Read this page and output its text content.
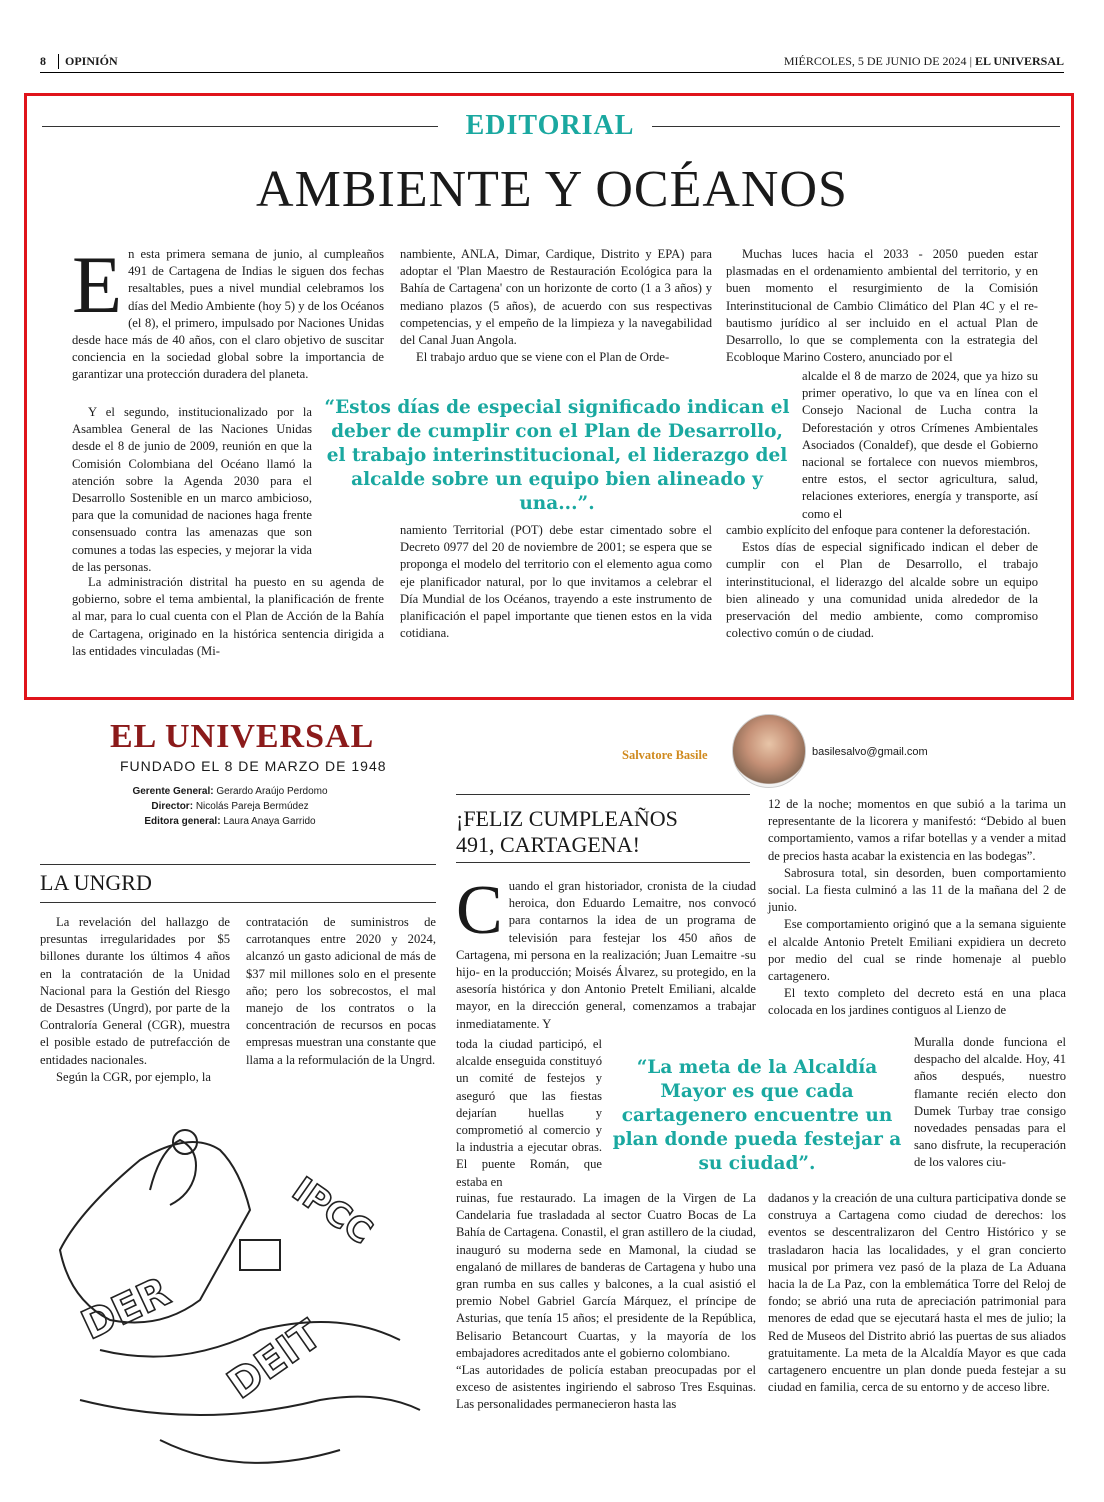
8	OPINIÓN	MIÉRCOLES, 5 DE JUNIO DE 2024 | EL UNIVERSAL
EDITORIAL
AMBIENTE Y OCÉANOS
E n esta primera semana de junio, al cumpleaños 491 de Cartagena de Indias le siguen dos fechas resaltables, pues a nivel mundial celebramos los días del Medio Ambiente (hoy 5) y de los Océanos (el 8), el primero, impulsado por Naciones Unidas desde hace más de 40 años, con el claro objetivo de suscitar conciencia en la sociedad global sobre la importancia de garantizar una protección duradera del planeta.

Y el segundo, institucionalizado por la Asamblea General de las Naciones Unidas desde el 8 de junio de 2009, reunión en que la Comisión Colombiana del Océano llamó la atención sobre la Agenda 2030 para el Desarrollo Sostenible en un marco ambicioso, para que la comunidad de naciones haga frente consensuado contra las amenazas que son comunes a todas las especies, y mejorar la vida de las personas.

La administración distrital ha puesto en su agenda de gobierno, sobre el tema ambiental, la planificación de frente al mar, para lo cual cuenta con el Plan de Acción de la Bahía de Cartagena, originado en la histórica sentencia dirigida a las entidades vinculadas (Mi-

nambiente, ANLA, Dimar, Cardique, Distrito y EPA) para adoptar el 'Plan Maestro de Restauración Ecológica para la Bahía de Cartagena' con un horizonte de corto (1 a 3 años) y mediano plazos (5 años), de acuerdo con sus respectivas competencias, y el empeño de la limpieza y la navegabilidad del Canal Juan Angola.

El trabajo arduo que se viene con el Plan de Orde-

namiento Territorial (POT) debe estar cimentado sobre el Decreto 0977 del 20 de noviembre de 2001; se espera que se proponga el modelo del territorio con el elemento agua como eje planificador natural, por lo que invitamos a celebrar el Día Mundial de los Océanos, trayendo a este instrumento de planificación el papel importante que tienen estos en la vida cotidiana.

Muchas luces hacia el 2033 - 2050 pueden estar plasmadas en el ordenamiento ambiental del territorio, y en buen momento el resurgimiento de la Comisión Interinstitucional de Cambio Climático del Plan 4C y el re-bautismo jurídico al ser incluido en el actual Plan de Desarrollo, lo que se complementa con la estrategia del Ecobloque Marino Costero, anunciado por el

alcalde el 8 de marzo de 2024, que ya hizo su primer operativo, lo que va en línea con el Consejo Nacional de Lucha contra la Deforestación y otros Crímenes Ambientales Asociados (Conaldef), que desde el Gobierno nacional se fortalece con nuevos miembros, entre estos, el sector agricultura, salud, relaciones exteriores, energía y transporte, así como el

cambio explícito del enfoque para contener la deforestación.

Estos días de especial significado indican el deber de cumplir con el Plan de Desarrollo, el trabajo interinstitucional, el liderazgo del alcalde sobre un equipo bien alineado y una comunidad unida alrededor de la preservación del medio ambiente, como compromiso colectivo común o de ciudad.

“Estos días de especial significado indican el deber de cumplir con el Plan de Desarrollo, el trabajo interinstitucional, el liderazgo del alcalde sobre un equipo bien alineado y una...”.
EL UNIVERSAL
FUNDADO EL 8 DE MARZO DE 1948
Gerente General: Gerardo Araújo Perdomo
Director: Nicolás Pareja Bermúdez
Editora general: Laura Anaya Garrido
LA UNGRD

La revelación del hallazgo de presuntas irregularidades por $5 billones durante los últimos 4 años en la contratación de la Unidad Nacional para la Gestión del Riesgo de Desastres (Ungrd), por parte de la Contraloría General (CGR), muestra el posible estado de putrefacción de entidades nacionales.

Según la CGR, por ejemplo, la

contratación de suministros de carrotanques entre 2020 y 2024, alcanzó un gasto adicional de más de $37 mil millones solo en el presente año; pero los sobrecostos, el mal manejo de los contratos o la concentración de recursos en pocas empresas muestran una constante que llama a la reformulación de la Ungrd.

IPCC
DER
DEIT
Salvatore Basile	basilesalvo@gmail.com
¡FELIZ CUMPLEAÑOS
491, CARTAGENA!
C uando el gran historiador, cronista de la ciudad heroica, don Eduardo Lemaitre, nos convocó para contarnos la idea de un programa de televisión para festejar los 450 años de Cartagena, mi persona en la realización; Juan Lemaitre -su hijo- en la producción; Moisés Álvarez, su protegido, en la asesoría histórica y don Antonio Pretelt Emiliani, alcalde mayor, en la dirección general, comenzamos a trabajar inmediatamente. Y

toda la ciudad participó, el alcalde enseguida constituyó un comité de festejos y aseguró que las fiestas dejarían huellas y comprometió al comercio y la industria a ejecutar obras. El puente Román, que estaba en

ruinas, fue restaurado. La imagen de la Virgen de La Candelaria fue trasladada al sector Cuatro Bocas de La Bahía de Cartagena. Conastil, el gran astillero de la ciudad, inauguró su moderna sede en Mamonal, la ciudad se engalanó de millares de banderas de Cartagena y hubo una gran rumba en sus calles y balcones, a la cual asistió el premio Nobel Gabriel García Márquez, el príncipe de Asturias, que tenía 15 años; el presidente de la República, Belisario Betancourt Cuartas, y la mayoría de los embajadores acreditados ante el gobierno colombiano.

“Las autoridades de policía estaban preocupadas por el exceso de asistentes ingiriendo el sabroso Tres Esquinas. Las personalidades permanecieron hasta las

12 de la noche; momentos en que subió a la tarima un representante de la licorera y manifestó: “Debido al buen comportamiento, vamos a rifar botellas y a vender a mitad de precios hasta acabar la existencia en las bodegas”.

Sabrosura total, sin desorden, buen comportamiento social. La fiesta culminó a las 11 de la mañana del 2 de junio.

Ese comportamiento originó que a la semana siguiente el alcalde Antonio Pretelt Emiliani expidiera un decreto por medio del cual se rinde homenaje al pueblo cartagenero.

El texto completo del decreto está en una placa colocada en los jardines contiguos al Lienzo de

Muralla donde funciona el despacho del alcalde. Hoy, 41 años después, nuestro flamante recién electo don Dumek Turbay trae consigo novedades pensadas para el sano disfrute, la recuperación de los valores ciu-

dadanos y la creación de una cultura participativa donde se construya a Cartagena como ciudad de derechos: los eventos se descentralizaron del Centro Histórico y se trasladaron hacia las localidades, y el gran concierto musical por primera vez pasó de la plaza de La Aduana hacia la de La Paz, con la emblemática Torre del Reloj de fondo; se abrió una ruta de apreciación patrimonial para menores de edad que se ejecutará hasta el mes de julio; la Red de Museos del Distrito abrió las puertas de sus aliados gratuitamente. La meta de la Alcaldía Mayor es que cada cartagenero encuentre un plan donde pueda festejar a su ciudad en familia, cerca de su entorno y de acceso libre.

“La meta de la Alcaldía Mayor es que cada cartagenero encuentre un plan donde pueda festejar a su ciudad”.
